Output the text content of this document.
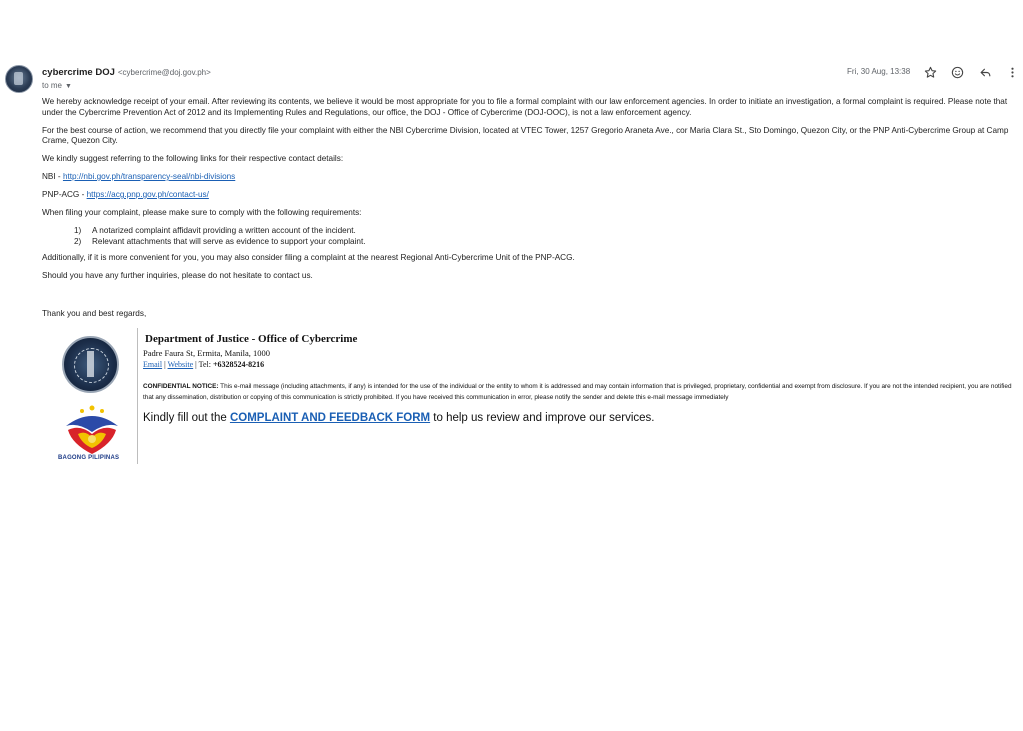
cybercrime DOJ <cybercrime@doj.gov.ph>
to me ▼
Fri, 30 Aug, 13:38

We hereby acknowledge receipt of your email. After reviewing its contents, we believe it would be most appropriate for you to file a formal complaint with our law enforcement agencies. In order to initiate an investigation, a formal complaint is required. Please note that under the Cybercrime Prevention Act of 2012 and its Implementing Rules and Regulations, our office, the DOJ - Office of Cybercrime (DOJ-OOC), is not a law enforcement agency.

For the best course of action, we recommend that you directly file your complaint with either the NBI Cybercrime Division, located at VTEC Tower, 1257 Gregorio Araneta Ave., cor Maria Clara St., Sto Domingo, Quezon City, or the PNP Anti-Cybercrime Group at Camp Crame, Quezon City.

We kindly suggest referring to the following links for their respective contact details:

NBI - http://nbi.gov.ph/transparency-seal/nbi-divisions

PNP-ACG - https://acg.pnp.gov.ph/contact-us/

When filing your complaint, please make sure to comply with the following requirements:

1) A notarized complaint affidavit providing a written account of the incident.
2) Relevant attachments that will serve as evidence to support your complaint.

Additionally, if it is more convenient for you, you may also consider filing a complaint at the nearest Regional Anti-Cybercrime Unit of the PNP-ACG.

Should you have any further inquiries, please do not hesitate to contact us.

Thank you and best regards,
BAGONG PILIPINAS
Department of Justice - Office of Cybercrime
Padre Faura St, Ermita, Manila, 1000
Email | Website | Tel: +6328524-8216
CONFIDENTIAL NOTICE: This e-mail message (including attachments, if any) is intended for the use of the individual or the entity to whom it is addressed and may contain information that is privileged, proprietary, confidential and exempt from disclosure. If you are not the intended recipient, you are notified that any dissemination, distribution or copying of this communication is strictly prohibited. If you have received this communication in error, please notify the sender and delete this e-mail message immediately
Kindly fill out the COMPLAINT AND FEEDBACK FORM to help us review and improve our services.
